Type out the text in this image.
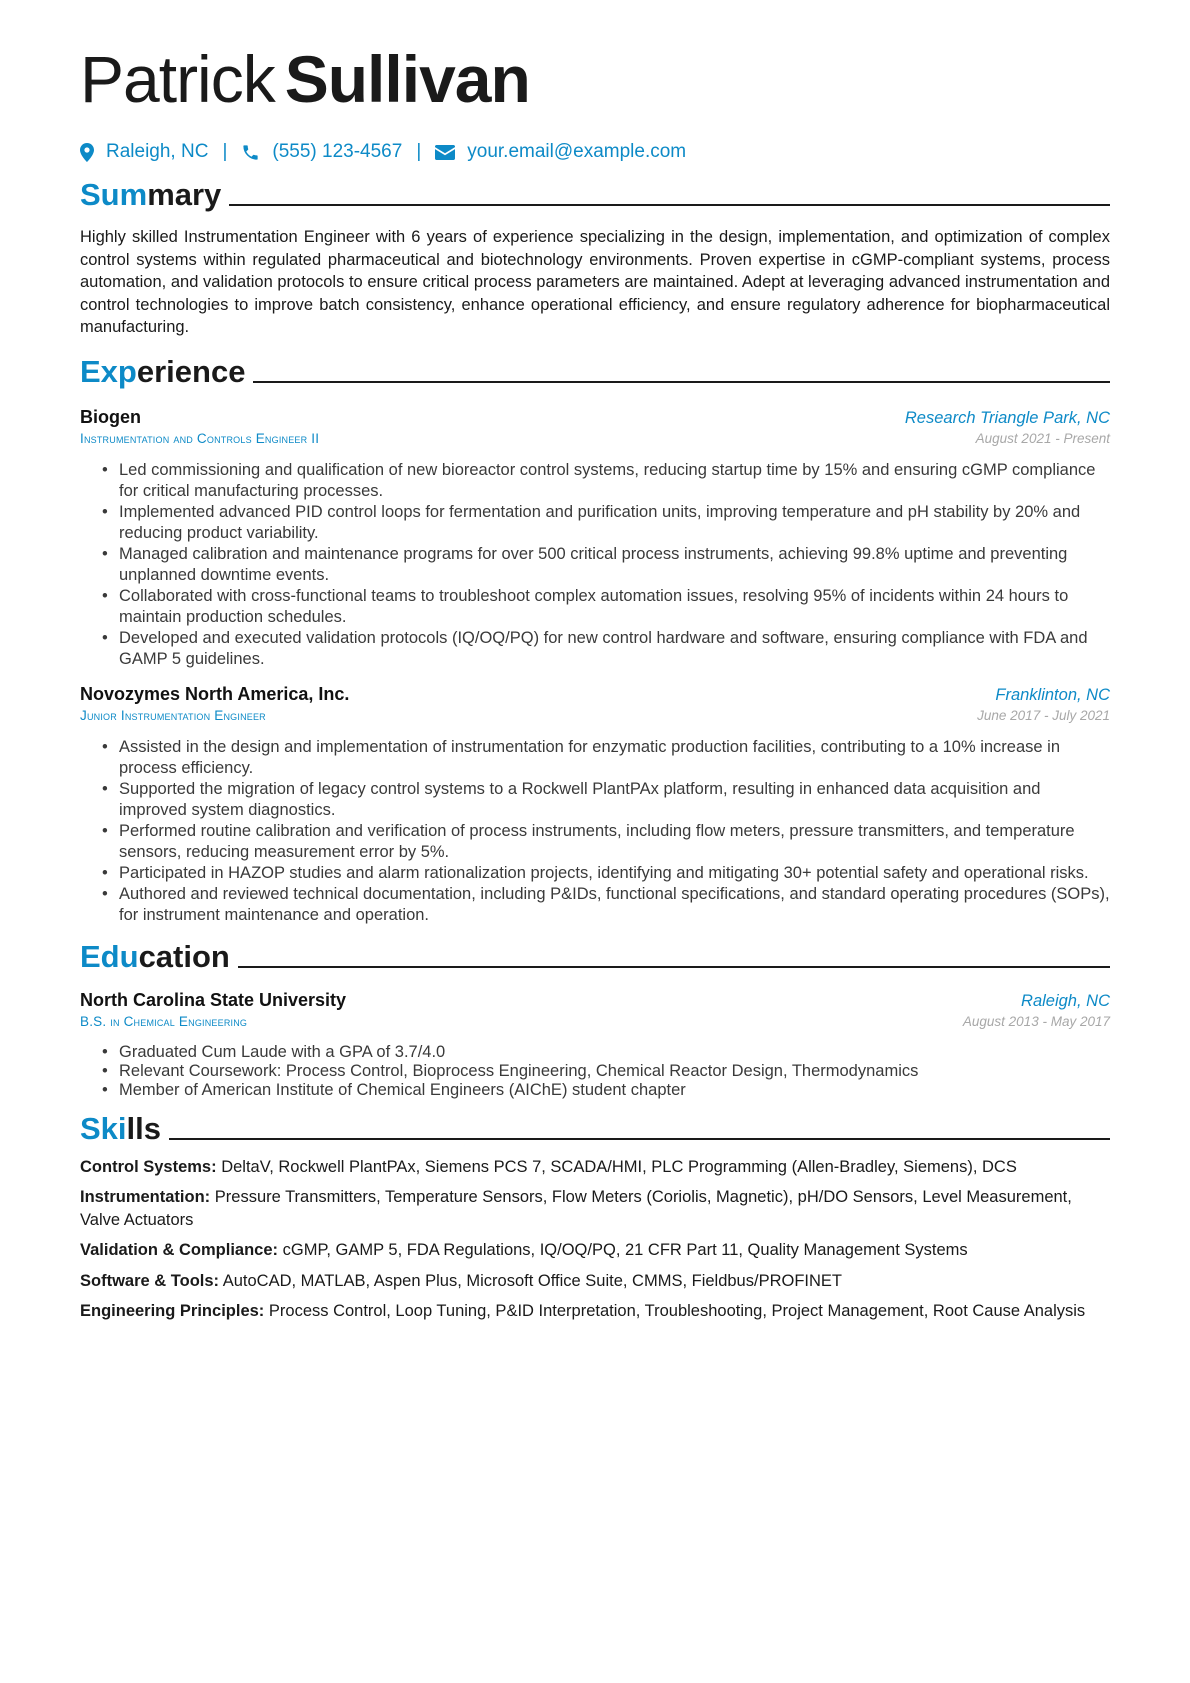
Patrick Sullivan
Raleigh, NC | (555) 123-4567 | your.email@example.com
Summary

Highly skilled Instrumentation Engineer with 6 years of experience specializing in the design, implementation, and optimization of complex control systems within regulated pharmaceutical and biotechnology environments. Proven expertise in cGMP-compliant systems, process automation, and validation protocols to ensure critical process parameters are maintained. Adept at leveraging advanced instrumentation and control technologies to improve batch consistency, enhance operational efficiency, and ensure regulatory adherence for biopharmaceutical manufacturing.

Experience
Biogen	Research Triangle Park, NC
Instrumentation and Controls Engineer II	August 2021 - Present
• Led commissioning and qualification of new bioreactor control systems, reducing startup time by 15% and ensuring cGMP compliance for critical manufacturing processes.
• Implemented advanced PID control loops for fermentation and purification units, improving temperature and pH stability by 20% and reducing product variability.
• Managed calibration and maintenance programs for over 500 critical process instruments, achieving 99.8% uptime and preventing unplanned downtime events.
• Collaborated with cross-functional teams to troubleshoot complex automation issues, resolving 95% of incidents within 24 hours to maintain production schedules.
• Developed and executed validation protocols (IQ/OQ/PQ) for new control hardware and software, ensuring compliance with FDA and GAMP 5 guidelines.
Novozymes North America, Inc.	Franklinton, NC
Junior Instrumentation Engineer	June 2017 - July 2021
• Assisted in the design and implementation of instrumentation for enzymatic production facilities, contributing to a 10% increase in process efficiency.
• Supported the migration of legacy control systems to a Rockwell PlantPAx platform, resulting in enhanced data acquisition and improved system diagnostics.
• Performed routine calibration and verification of process instruments, including flow meters, pressure transmitters, and temperature sensors, reducing measurement error by 5%.
• Participated in HAZOP studies and alarm rationalization projects, identifying and mitigating 30+ potential safety and operational risks.
• Authored and reviewed technical documentation, including P&IDs, functional specifications, and standard operating procedures (SOPs), for instrument maintenance and operation.
Education
North Carolina State University	Raleigh, NC
B.S. in Chemical Engineering	August 2013 - May 2017
• Graduated Cum Laude with a GPA of 3.7/4.0
• Relevant Coursework: Process Control, Bioprocess Engineering, Chemical Reactor Design, Thermodynamics
• Member of American Institute of Chemical Engineers (AIChE) student chapter
Skills

Control Systems: DeltaV, Rockwell PlantPAx, Siemens PCS 7, SCADA/HMI, PLC Programming (Allen-Bradley, Siemens), DCS

Instrumentation: Pressure Transmitters, Temperature Sensors, Flow Meters (Coriolis, Magnetic), pH/DO Sensors, Level Measurement, Valve Actuators

Validation & Compliance: cGMP, GAMP 5, FDA Regulations, IQ/OQ/PQ, 21 CFR Part 11, Quality Management Systems

Software & Tools: AutoCAD, MATLAB, Aspen Plus, Microsoft Office Suite, CMMS, Fieldbus/PROFINET

Engineering Principles: Process Control, Loop Tuning, P&ID Interpretation, Troubleshooting, Project Management, Root Cause Analysis
